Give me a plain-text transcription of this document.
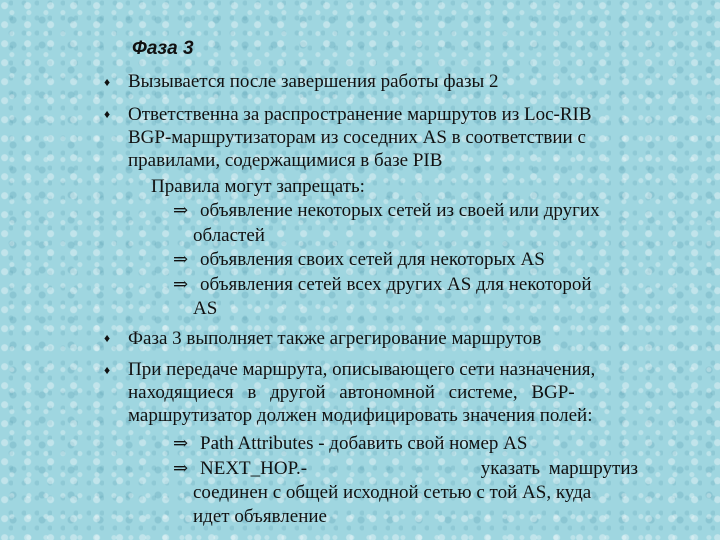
Фаза 3
♦ Вызывается после завершения работы фазы 2
♦ Ответственна за распространение маршрутов из Loc-RIB
BGP-маршрутизаторам из соседних AS в соответствии с
правилами, содержащимися в базе PIB
Правила могут запрещать:
⇒ объявление некоторых сетей из своей или других
областей
⇒ объявления своих сетей для некоторых AS
⇒ объявления сетей всех других AS для некоторой
AS
♦ Фаза 3 выполняет также агрегирование маршрутов
♦ При передаче маршрута, описывающего сети назначения,
находящиеся в другой автономной системе, BGP-
маршрутизатор должен модифицировать значения полей:
⇒ Path Attributes - добавить свой номер AS
⇒ NEXT_HOP.-	указать маршрутиз
соединен с общей исходной сетью с той AS, куда
идет объявление
